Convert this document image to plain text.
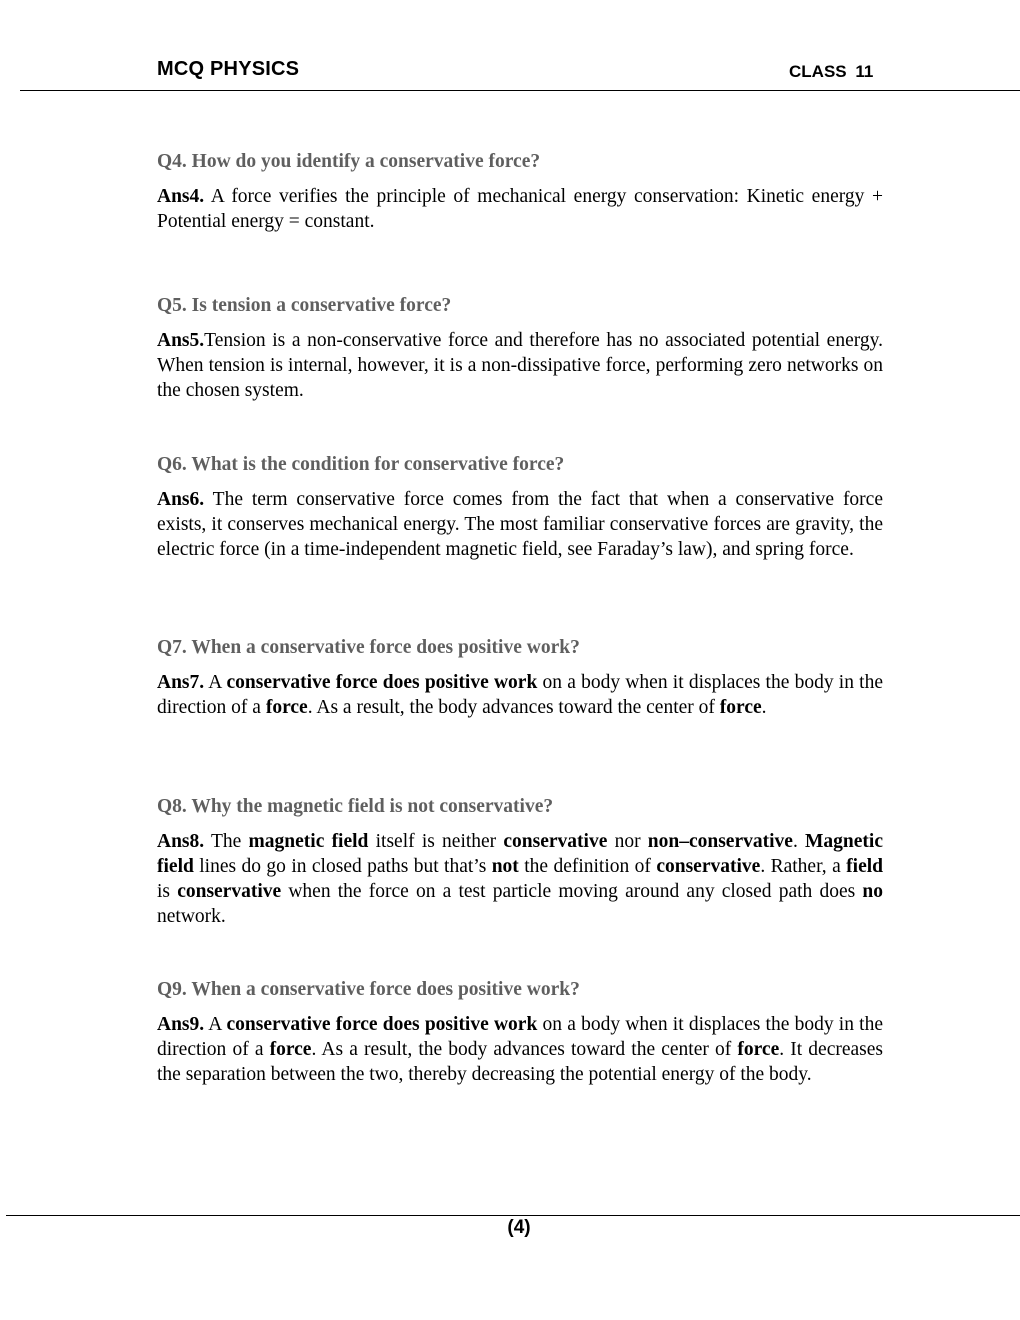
MCQ PHYSICS	CLASS 11

Q4. How do you identify a conservative force?

Ans4. A force verifies the principle of mechanical energy conservation: Kinetic energy + Potential energy = constant.

Q5. Is tension a conservative force?

Ans5.Tension is a non-conservative force and therefore has no associated potential energy. When tension is internal, however, it is a non-dissipative force, performing zero networks on the chosen system.

Q6. What is the condition for conservative force?

Ans6. The term conservative force comes from the fact that when a conservative force exists, it conserves mechanical energy. The most familiar conservative forces are gravity, the electric force (in a time-independent magnetic field, see Faraday’s law), and spring force.

Q7. When a conservative force does positive work?

Ans7. A conservative force does positive work on a body when it displaces the body in the direction of a force. As a result, the body advances toward the center of force.

Q8. Why the magnetic field is not conservative?

Ans8. The magnetic field itself is neither conservative nor non–conservative. Magnetic field lines do go in closed paths but that’s not the definition of conservative. Rather, a field is conservative when the force on a test particle moving around any closed path does no network.

Q9. When a conservative force does positive work?

Ans9. A conservative force does positive work on a body when it displaces the body in the direction of a force. As a result, the body advances toward the center of force. It decreases the separation between the two, thereby decreasing the potential energy of the body.

(4)
